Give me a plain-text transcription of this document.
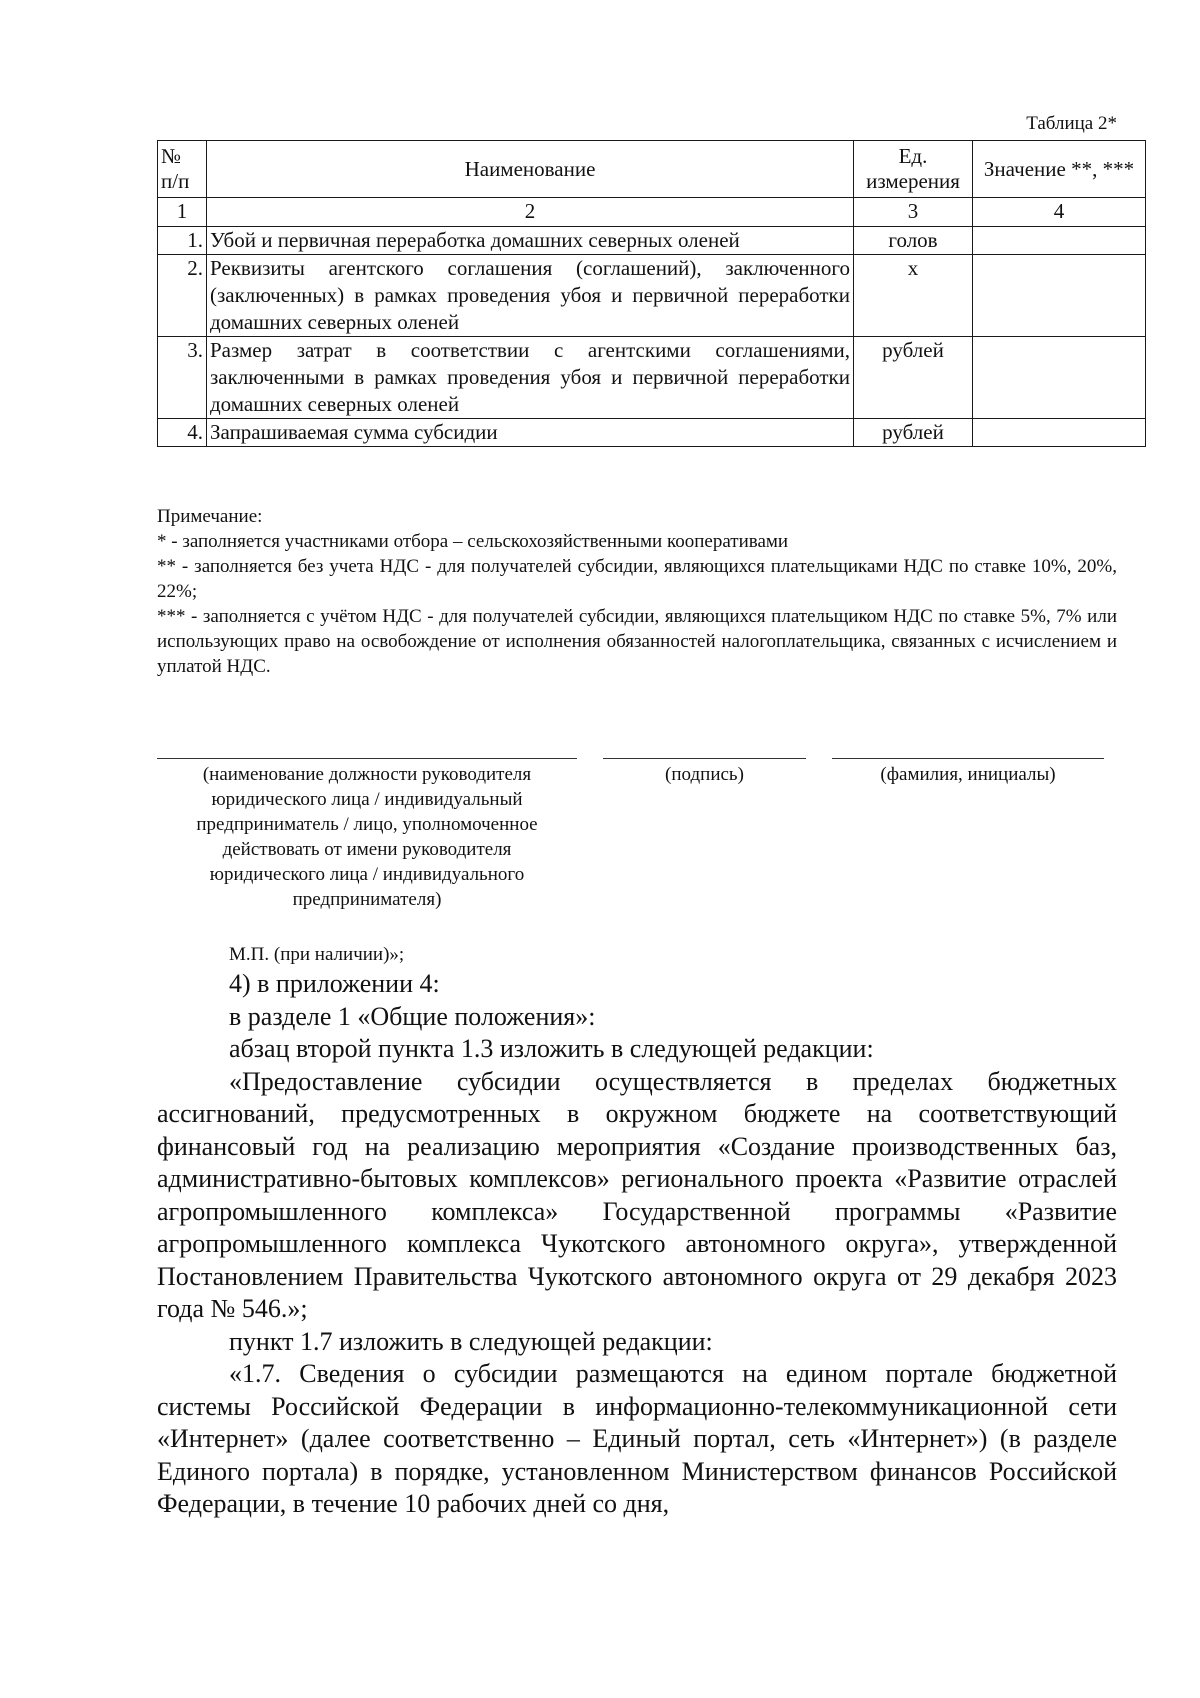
Таблица 2*
№ п/п	Наименование	Ед. измерения	Значение **, ***
1	2	3	4
1.	Убой и первичная переработка домашних северных оленей	голов	
2.	Реквизиты агентского соглашения (соглашений), заключенного (заключенных) в рамках проведения убоя и первичной переработки домашних северных оленей	х	
3.	Размер затрат в соответствии с агентскими соглашениями, заключенными в рамках проведения убоя и первичной переработки домашних северных оленей	рублей	
4.	Запрашиваемая сумма субсидии	рублей	

Примечание:

* - заполняется участниками отбора – сельскохозяйственными кооперативами

** - заполняется без учета НДС - для получателей субсидии, являющихся плательщиками НДС по ставке 10%, 20%, 22%;

*** - заполняется с учётом НДС - для получателей субсидии, являющихся плательщиком НДС по ставке 5%, 7% или использующих право на освобождение от исполнения обязанностей налогоплательщика, связанных с исчислением и уплатой НДС.

(наименование должности руководителя
юридического лица / индивидуальный
предприниматель / лицо, уполномоченное
действовать от имени руководителя
юридического лица / индивидуального
предпринимателя)
(подпись)	(фамилия, инициалы)
М.П. (при наличии)»;

4) в приложении 4:

в разделе 1 «Общие положения»:

абзац второй пункта 1.3 изложить в следующей редакции:

«Предоставление субсидии осуществляется в пределах бюджетных ассигнований, предусмотренных в окружном бюджете на соответствующий финансовый год на реализацию мероприятия «Создание производственных баз, административно-бытовых комплексов» регионального проекта «Развитие отраслей агропромышленного комплекса» Государственной программы «Развитие агропромышленного комплекса Чукотского автономного округа», утвержденной Постановлением Правительства Чукотского автономного округа от 29 декабря 2023 года № 546.»;

пункт 1.7 изложить в следующей редакции:

«1.7. Сведения о субсидии размещаются на едином портале бюджетной системы Российской Федерации в информационно-телекоммуникационной сети «Интернет» (далее соответственно – Единый портал, сеть «Интернет») (в разделе Единого портала) в порядке, установленном Министерством финансов Российской Федерации, в течение 10 рабочих дней со дня,
